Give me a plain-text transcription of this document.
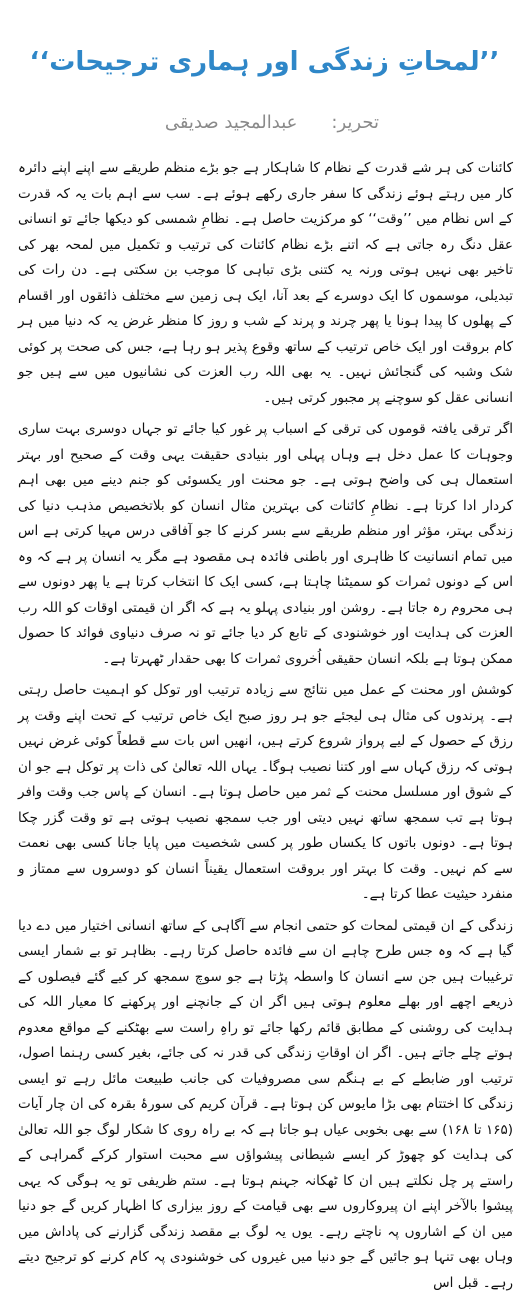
’’لمحاتِ زندگی اور ہماری ترجیحات‘‘
تحریر:عبدالمجید صدیقی

کائنات کی ہر شے قدرت کے نظام کا شاہکار ہے جو بڑے منظم طریقے سے اپنے اپنے دائرہ کار میں رہتے ہوئے زندگی کا سفر جاری رکھے ہوئے ہے۔ سب سے اہم بات یہ کہ قدرت کے اس نظام میں ’’وقت‘‘ کو مرکزیت حاصل ہے۔ نظامِ شمسی کو دیکھا جائے تو انسانی عقل دنگ رہ جاتی ہے کہ اتنے بڑے نظام کائنات کی ترتیب و تکمیل میں لمحہ بھر کی تاخیر بھی نہیں ہوتی ورنہ یہ کتنی بڑی تباہی کا موجب بن سکتی ہے۔ دن رات کی تبدیلی، موسموں کا ایک دوسرے کے بعد آنا، ایک ہی زمین سے مختلف ذائقوں اور اقسام کے پھلوں کا پیدا ہونا یا پھر چرند و پرند کے شب و روز کا منظر غرض یہ کہ دنیا میں ہر کام بروقت اور ایک خاص ترتیب کے ساتھ وقوع پذیر ہو رہا ہے، جس کی صحت پر کوئی شک وشبہ کی گنجائش نہیں۔ یہ بھی اللہ رب العزت کی نشانیوں میں سے ہیں جو انسانی عقل کو سوچنے پر مجبور کرتی ہیں۔

اگر ترقی یافتہ قوموں کی ترقی کے اسباب پر غور کیا جائے تو جہاں دوسری بہت ساری وجوہات کا عمل دخل ہے وہاں پہلی اور بنیادی حقیقت یہی وقت کے صحیح اور بہتر استعمال ہی کی واضح ہوتی ہے۔ جو محنت اور یکسوئی کو جنم دینے میں بھی اہم کردار ادا کرتا ہے۔ نظامِ کائنات کی بہترین مثال انسان کو بلاتخصیص مذہب دنیا کی زندگی بہتر، مؤثر اور منظم طریقے سے بسر کرنے کا جو آفاقی درس مہیا کرتی ہے اس میں تمام انسانیت کا ظاہری اور باطنی فائدہ ہی مقصود ہے مگر یہ انسان پر ہے کہ وہ اس کے دونوں ثمرات کو سمیٹنا چاہتا ہے، کسی ایک کا انتخاب کرتا ہے یا پھر دونوں سے ہی محروم رہ جاتا ہے۔ روشن اور بنیادی پہلو یہ ہے کہ اگر ان قیمتی اوقات کو اللہ رب العزت کی ہدایت اور خوشنودی کے تابع کر دیا جائے تو نہ صرف دنیاوی فوائد کا حصول ممکن ہوتا ہے بلکہ انسان حقیقی اُخروی ثمرات کا بھی حقدار ٹھہرتا ہے۔

کوشش اور محنت کے عمل میں نتائج سے زیادہ ترتیب اور توکل کو اہمیت حاصل رہتی ہے۔ پرندوں کی مثال ہی لیجئے جو ہر روز صبح ایک خاص ترتیب کے تحت اپنے وقت پر رزق کے حصول کے لیے پرواز شروع کرتے ہیں، انھیں اس بات سے قطعاً کوئی غرض نہیں ہوتی کہ رزق کہاں سے اور کتنا نصیب ہوگا۔ یہاں اللہ تعالیٰ کی ذات پر توکل ہے جو ان کے شوق اور مسلسل محنت کے ثمر میں حاصل ہوتا ہے۔ انسان کے پاس جب وقت وافر ہوتا ہے تب سمجھ ساتھ نہیں دیتی اور جب سمجھ نصیب ہوتی ہے تو وقت گزر چکا ہوتا ہے۔ دونوں باتوں کا یکساں طور پر کسی شخصیت میں پایا جانا کسی بھی نعمت سے کم نہیں۔ وقت کا بہتر اور بروقت استعمال یقیناً انسان کو دوسروں سے ممتاز و منفرد حیثیت عطا کرتا ہے۔

زندگی کے ان قیمتی لمحات کو حتمی انجام سے آگاہی کے ساتھ انسانی اختیار میں دے دیا گیا ہے کہ وہ جس طرح چاہے ان سے فائدہ حاصل کرتا رہے۔ بظاہر تو بے شمار ایسی ترغیبات ہیں جن سے انسان کا واسطہ پڑتا ہے جو سوچ سمجھ کر کیے گئے فیصلوں کے ذریعے اچھے اور بھلے معلوم ہوتی ہیں اگر ان کے جانچنے اور پرکھنے کا معیار اللہ کی ہدایت کی روشنی کے مطابق قائم رکھا جائے تو راہِ راست سے بھٹکنے کے مواقع معدوم ہوتے چلے جاتے ہیں۔ اگر ان اوقاتِ زندگی کی قدر نہ کی جائے، بغیر کسی رہنما اصول، ترتیب اور ضابطے کے بے ہنگم سی مصروفیات کی جانب طبیعت مائل رہے تو ایسی زندگی کا اختتام بھی بڑا مایوس کن ہوتا ہے۔ قرآن کریم کی سورۂ بقرہ کی ان چار آیات (۱۶۵ تا ۱۶۸) سے بھی بخوبی عیاں ہو جاتا ہے کہ بے راہ روی کا شکار لوگ جو اللہ تعالیٰ کی ہدایت کو چھوڑ کر ایسے شیطانی پیشواؤں سے محبت استوار کرکے گمراہی کے راستے پر چل نکلتے ہیں ان کا ٹھکانہ جہنم ہوتا ہے۔ ستم ظریفی تو یہ ہوگی کہ یہی پیشوا بالآخر اپنے ان پیروکاروں سے بھی قیامت کے روز بیزاری کا اظہار کریں گے جو دنیا میں ان کے اشاروں پہ ناچتے رہے۔ یوں یہ لوگ بے مقصد زندگی گزارنے کی پاداش میں وہاں بھی تنہا ہو جائیں گے جو دنیا میں غیروں کی خوشنودی پہ کام کرنے کو ترجیح دیتے رہے۔ قبل اس
